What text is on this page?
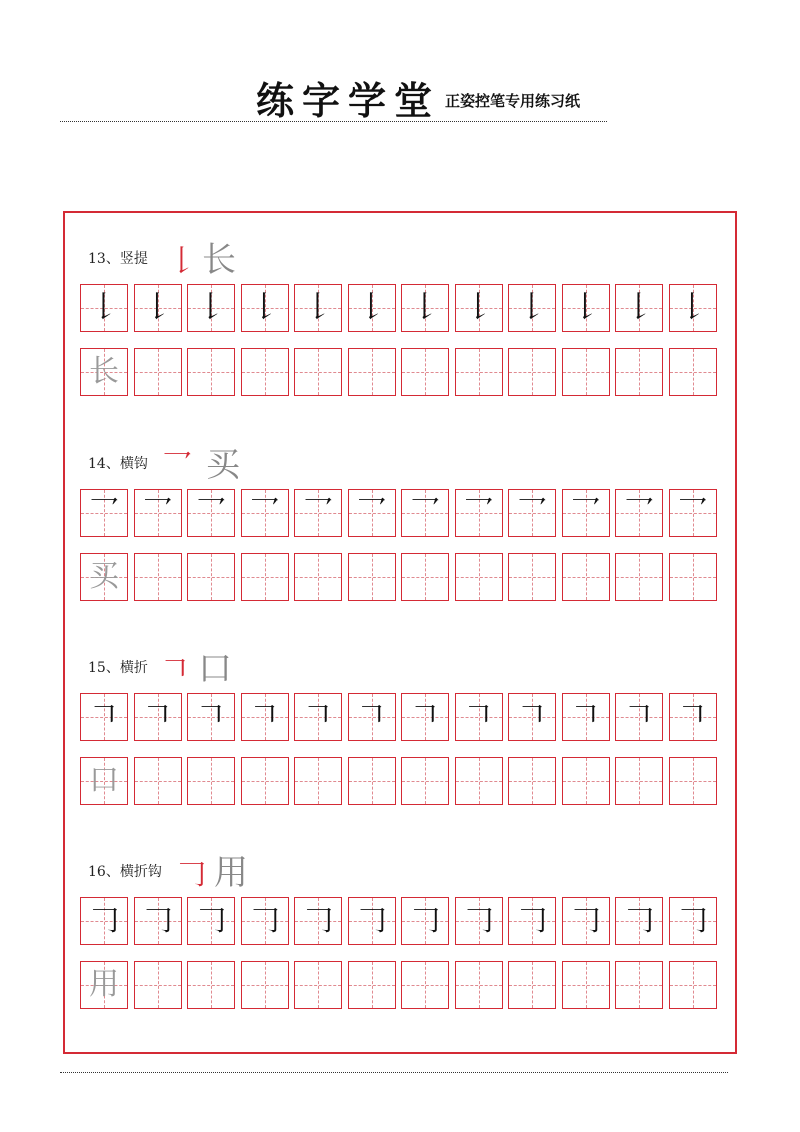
练字学堂 正姿控笔专用练习纸
13、竖提 𠄌 长
𠄌 𠄌 𠄌 𠄌 𠄌 𠄌 𠄌 𠄌 𠄌 𠄌 𠄌 𠄌
长
14、横钩 乛 买
乛 乛 乛 乛 乛 乛 乛 乛 乛 乛 乛 乛
买
15、横折 𠃍 口
𠃍 𠃍 𠃍 𠃍 𠃍 𠃍 𠃍 𠃍 𠃍 𠃍 𠃍 𠃍
口
16、横折钩 𠃌 用
𠃌 𠃌 𠃌 𠃌 𠃌 𠃌 𠃌 𠃌 𠃌 𠃌 𠃌 𠃌
用
